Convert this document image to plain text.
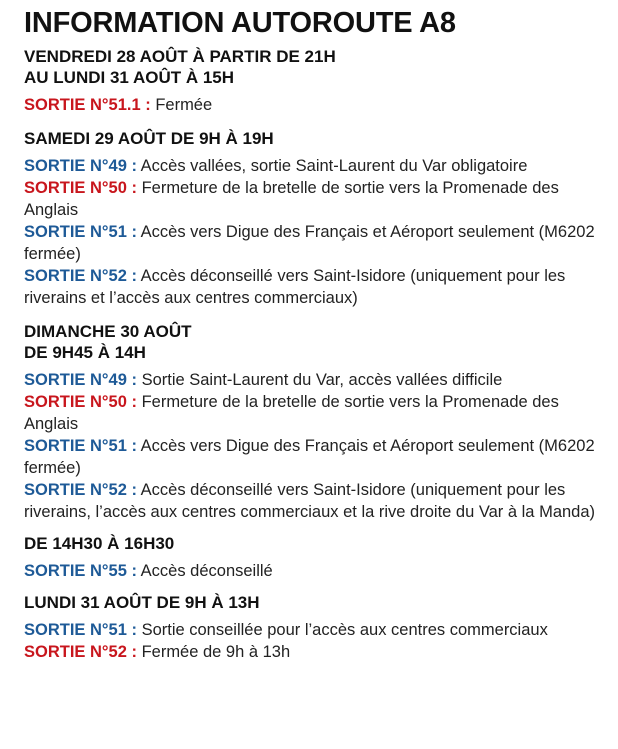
INFORMATION AUTOROUTE A8
VENDREDI 28 AOÛT À PARTIR DE 21H
AU LUNDI 31 AOÛT À 15H

SORTIE N°51.1 : Fermée

SAMEDI 29 AOÛT DE 9H À 19H

SORTIE N°49 : Accès vallées, sortie Saint-Laurent du Var obligatoire

SORTIE N°50 : Fermeture de la bretelle de sortie vers la Promenade des Anglais

SORTIE N°51 : Accès vers Digue des Français et Aéroport seulement (M6202 fermée)

SORTIE N°52 : Accès déconseillé vers Saint-Isidore (uniquement pour les riverains et l’accès aux centres commerciaux)

DIMANCHE 30 AOÛT
DE 9H45 À 14H

SORTIE N°49 : Sortie Saint-Laurent du Var, accès vallées difficile

SORTIE N°50 : Fermeture de la bretelle de sortie vers la Promenade des Anglais

SORTIE N°51 : Accès vers Digue des Français et Aéroport seulement (M6202 fermée)

SORTIE N°52 : Accès déconseillé vers Saint-Isidore (uniquement pour les riverains, l’accès aux centres commerciaux et la rive droite du Var à la Manda)

DE 14H30 À 16H30

SORTIE N°55 : Accès déconseillé

LUNDI 31 AOÛT DE 9H À 13H

SORTIE N°51 : Sortie conseillée pour l’accès aux centres commerciaux

SORTIE N°52 : Fermée de 9h à 13h
